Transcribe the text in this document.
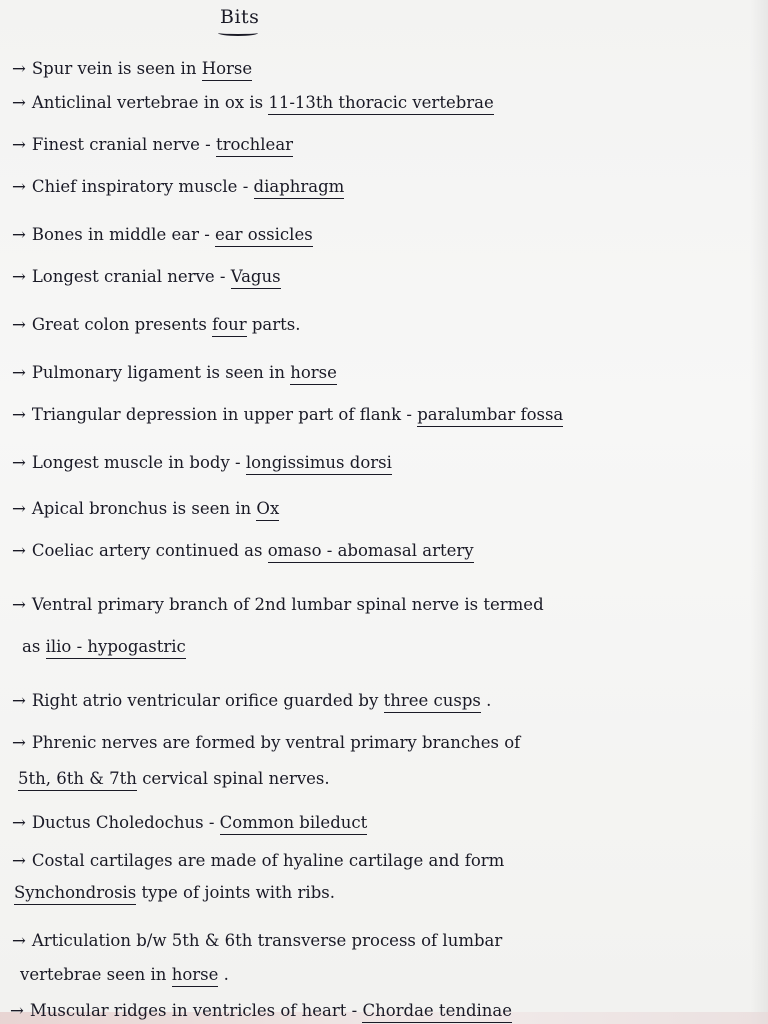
Bits
→ Spur vein is seen in Horse
→ Anticlinal vertebrae in ox is 11-13th thoracic vertebrae
→ Finest cranial nerve - trochlear
→ Chief inspiratory muscle - diaphragm
→ Bones in middle ear - ear ossicles
→ Longest cranial nerve - Vagus
→ Great colon presents four parts.
→ Pulmonary ligament is seen in horse
→ Triangular depression in upper part of flank - paralumbar fossa
→ Longest muscle in body - longissimus dorsi
→ Apical bronchus is seen in Ox
→ Coeliac artery continued as omaso - abomasal artery
→ Ventral primary branch of 2nd lumbar spinal nerve is termed
as ilio - hypogastric
→ Right atrio ventricular orifice guarded by three cusps .
→ Phrenic nerves are formed by ventral primary branches of
5th, 6th & 7th cervical spinal nerves.
→ Ductus Choledochus - Common bileduct
→ Costal cartilages are made of hyaline cartilage and form
Synchondrosis type of joints with ribs.
→ Articulation b/w 5th & 6th transverse process of lumbar
vertebrae seen in horse .
→ Muscular ridges in ventricles of heart - Chordae tendinae
